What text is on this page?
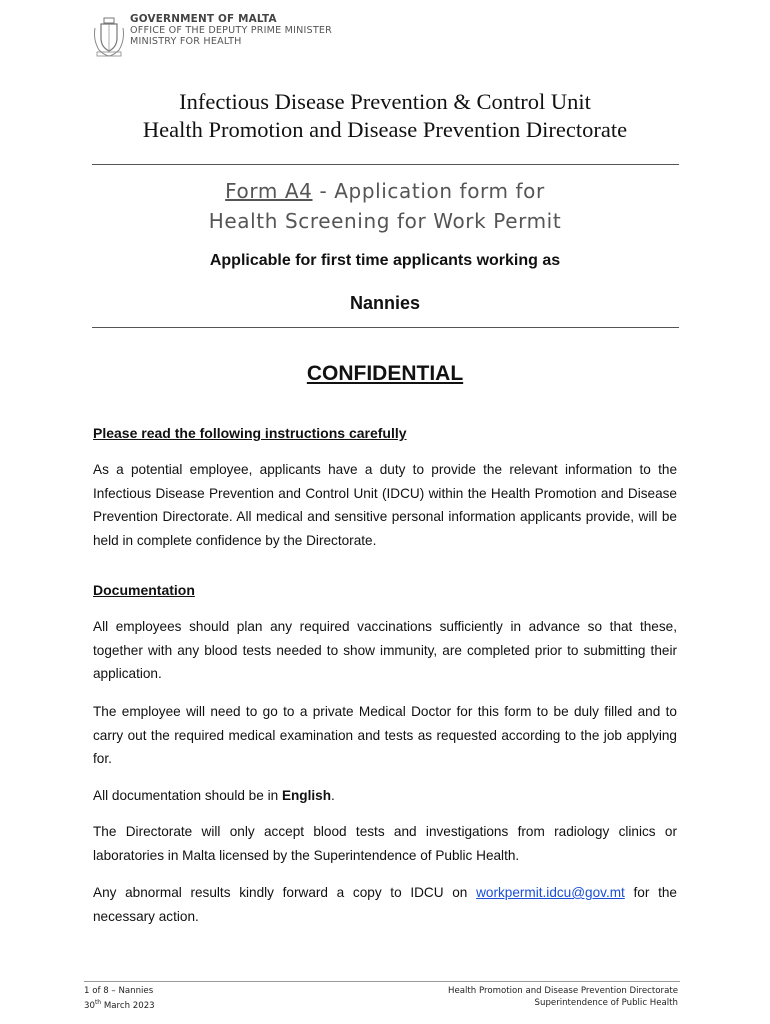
GOVERNMENT OF MALTA
OFFICE OF THE DEPUTY PRIME MINISTER
MINISTRY FOR HEALTH
Infectious Disease Prevention & Control Unit
Health Promotion and Disease Prevention Directorate
Form A4 - Application form for
Health Screening for Work Permit
Applicable for first time applicants working as
Nannies
CONFIDENTIAL
Please read the following instructions carefully
As a potential employee, applicants have a duty to provide the relevant information to the Infectious Disease Prevention and Control Unit (IDCU) within the Health Promotion and Disease Prevention Directorate. All medical and sensitive personal information applicants provide, will be held in complete confidence by the Directorate.
Documentation
All employees should plan any required vaccinations sufficiently in advance so that these, together with any blood tests needed to show immunity, are completed prior to submitting their application.
The employee will need to go to a private Medical Doctor for this form to be duly filled and to carry out the required medical examination and tests as requested according to the job applying for.
All documentation should be in English.
The Directorate will only accept blood tests and investigations from radiology clinics or laboratories in Malta licensed by the Superintendence of Public Health.
Any abnormal results kindly forward a copy to IDCU on workpermit.idcu@gov.mt for the necessary action.
1 of 8 – Nannies
30th March 2023
Health Promotion and Disease Prevention Directorate
Superintendence of Public Health
